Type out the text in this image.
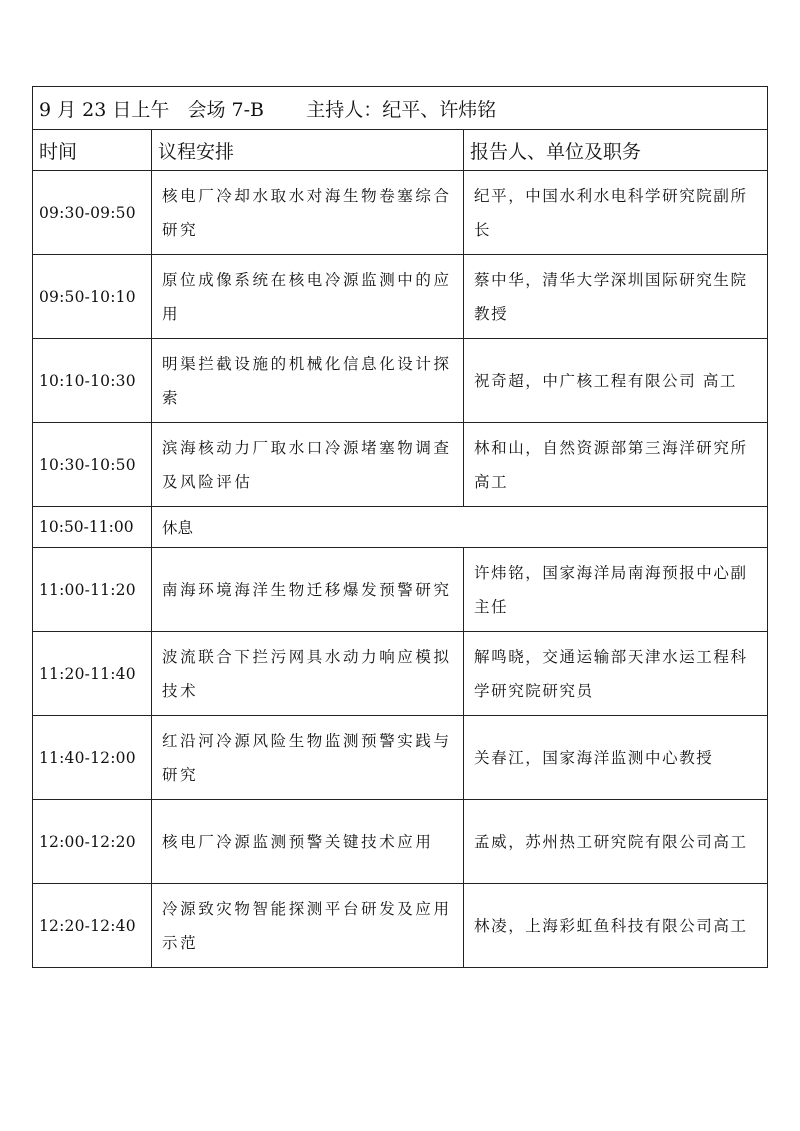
9 月 23 日上午   会场 7-B       主持人：纪平、许炜铭		
时间	议程安排	报告人、单位及职务
09:30-09:50	核电厂冷却水取水对海生物卷塞综合研究	纪平，中国水利水电科学研究院副所长
09:50-10:10	原位成像系统在核电冷源监测中的应用	蔡中华，清华大学深圳国际研究生院教授
10:10-10:30	明渠拦截设施的机械化信息化设计探索	祝奇超，中广核工程有限公司 高工
10:30-10:50	滨海核动力厂取水口冷源堵塞物调查及风险评估	林和山，自然资源部第三海洋研究所高工
10:50-11:00	休息	
11:00-11:20	南海环境海洋生物迁移爆发预警研究	许炜铭，国家海洋局南海预报中心副主任
11:20-11:40	波流联合下拦污网具水动力响应模拟技术	解鸣晓，交通运输部天津水运工程科学研究院研究员
11:40-12:00	红沿河冷源风险生物监测预警实践与研究	关春江，国家海洋监测中心教授
12:00-12:20	核电厂冷源监测预警关键技术应用	孟威，苏州热工研究院有限公司高工
12:20-12:40	冷源致灾物智能探测平台研发及应用示范	林凌，上海彩虹鱼科技有限公司高工
